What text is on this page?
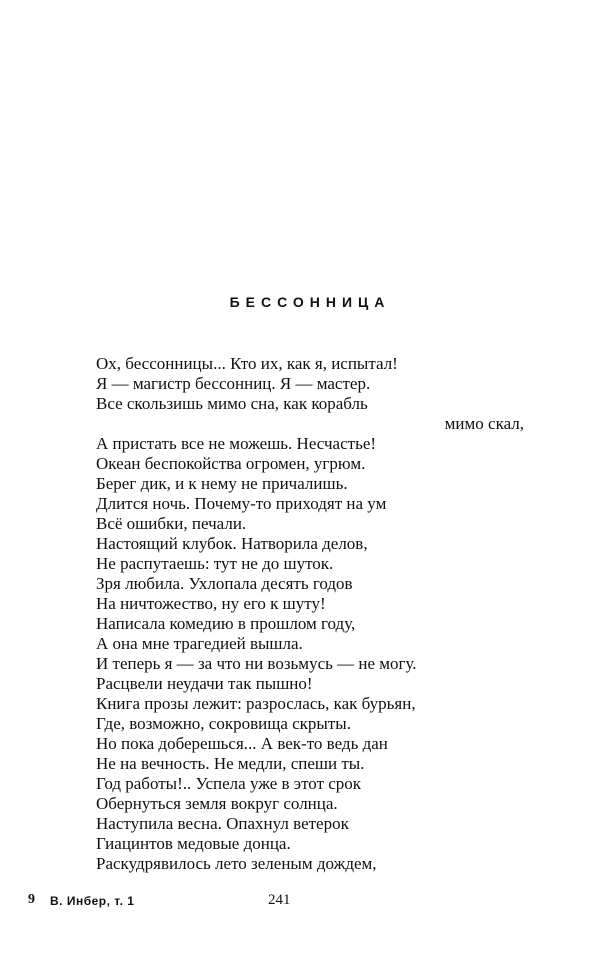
БЕССОННИЦА
Ох, бессонницы... Кто их, как я, испытал!
Я — магистр бессонниц. Я — мастер.
Все скользишь мимо сна, как корабль
мимо скал,
А пристать все не можешь. Несчастье!
Океан беспокойства огромен, угрюм.
Берег дик, и к нему не причалишь.
Длится ночь. Почему-то приходят на ум
Всё ошибки, печали.
Настоящий клубок. Натворила делов,
Не распутаешь: тут не до шуток.
Зря любила. Ухлопала десять годов
На ничтожество, ну его к шуту!
Написала комедию в прошлом году,
А она мне трагедией вышла.
И теперь я — за что ни возьмусь — не могу.
Расцвели неудачи так пышно!
Книга прозы лежит: разрослась, как бурьян,
Где, возможно, сокровища скрыты.
Но пока доберешься... А век-то ведь дан
Не на вечность. Не медли, спеши ты.
Год работы!.. Успела уже в этот срок
Обернуться земля вокруг солнца.
Наступила весна. Опахнул ветерок
Гиацинтов медовые донца.
Раскудрявилось лето зеленым дождем,
9 В. Инбер, т. 1	241
